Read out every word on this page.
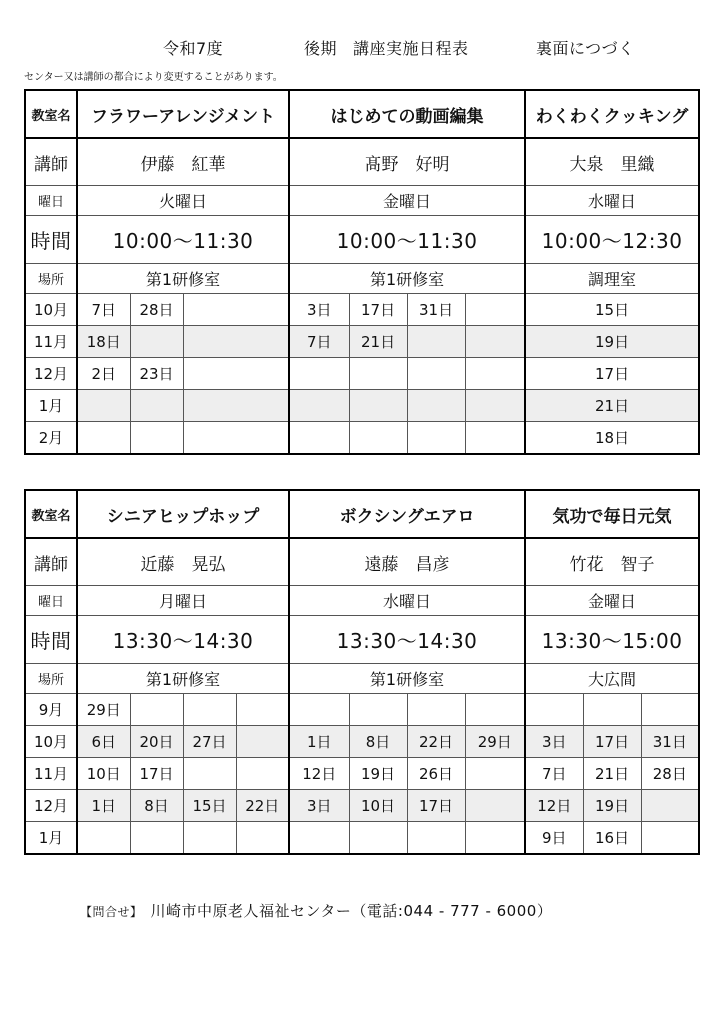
令和7度	後期 講座実施日程表	裏面につづく
センター又は講師の都合により変更することがあります。
教室名	フラワーアレンジメント			はじめての動画編集				わくわくクッキング
講師	伊藤　紅華			髙野　好明				大泉　里織
曜日	火曜日			金曜日				水曜日
時間	10:00～11:30			10:00～11:30				10:00～12:30
場所	第1研修室			第1研修室				調理室
10月	7日	28日		3日	17日	31日		15日
11月	18日			7日	21日			19日
12月	2日	23日						17日
1月								21日
2月								18日
教室名	シニアヒップホップ				ボクシングエアロ				気功で毎日元気		
講師	近藤　晃弘				遠藤　昌彦				竹花　智子		
曜日	月曜日				水曜日				金曜日		
時間	13:30～14:30				13:30～14:30				13:30～15:00		
場所	第1研修室				第1研修室				大広間		
9月	29日										
10月	6日	20日	27日		1日	8日	22日	29日	3日	17日	31日
11月	10日	17日			12日	19日	26日		7日	21日	28日
12月	1日	8日	15日	22日	3日	10日	17日		12日	19日	
1月									9日	16日	
【問合せ】 川崎市中原老人福祉センター（電話:044 - 777 - 6000）
